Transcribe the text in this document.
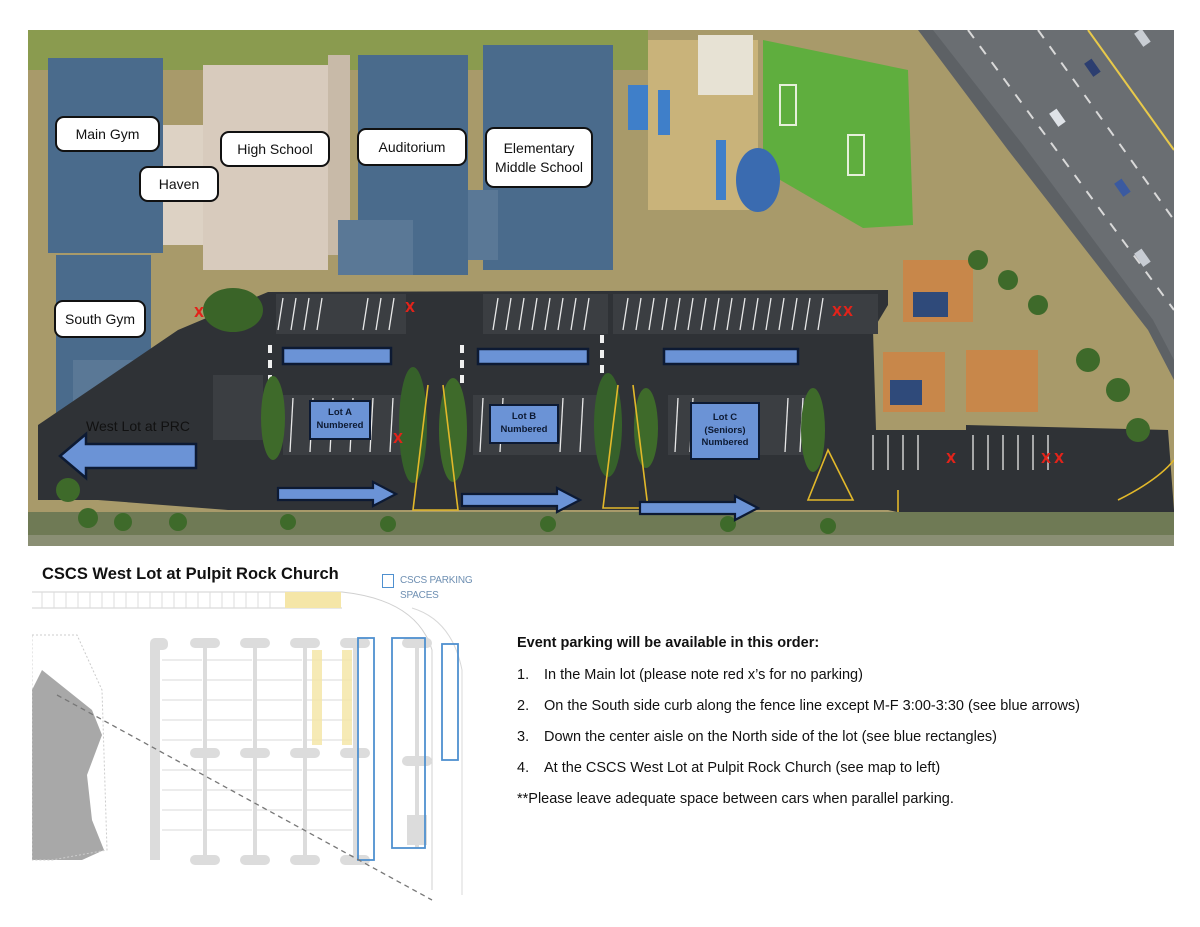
Main Gym
Haven
High School	Auditorium	Elementary
Middle School
South Gym
Lot A
Numbered
Lot B
Numbered
Lot C
(Seniors)
Numbered
West Lot at PRC
X	X
X
X X
X	X X
CSCS West Lot at Pulpit Rock Church	CSCS PARKING
SPACES
Event parking will be available in this order:
1.	In the Main lot (please note red x’s for no parking)
2.	On the South side curb along the fence line except M-F 3:00-3:30 (see blue arrows)
3.	Down the center aisle on the North side of the lot (see blue rectangles)
4.	At the CSCS West Lot at Pulpit Rock Church (see map to left)
**Please leave adequate space between cars when parallel parking.
